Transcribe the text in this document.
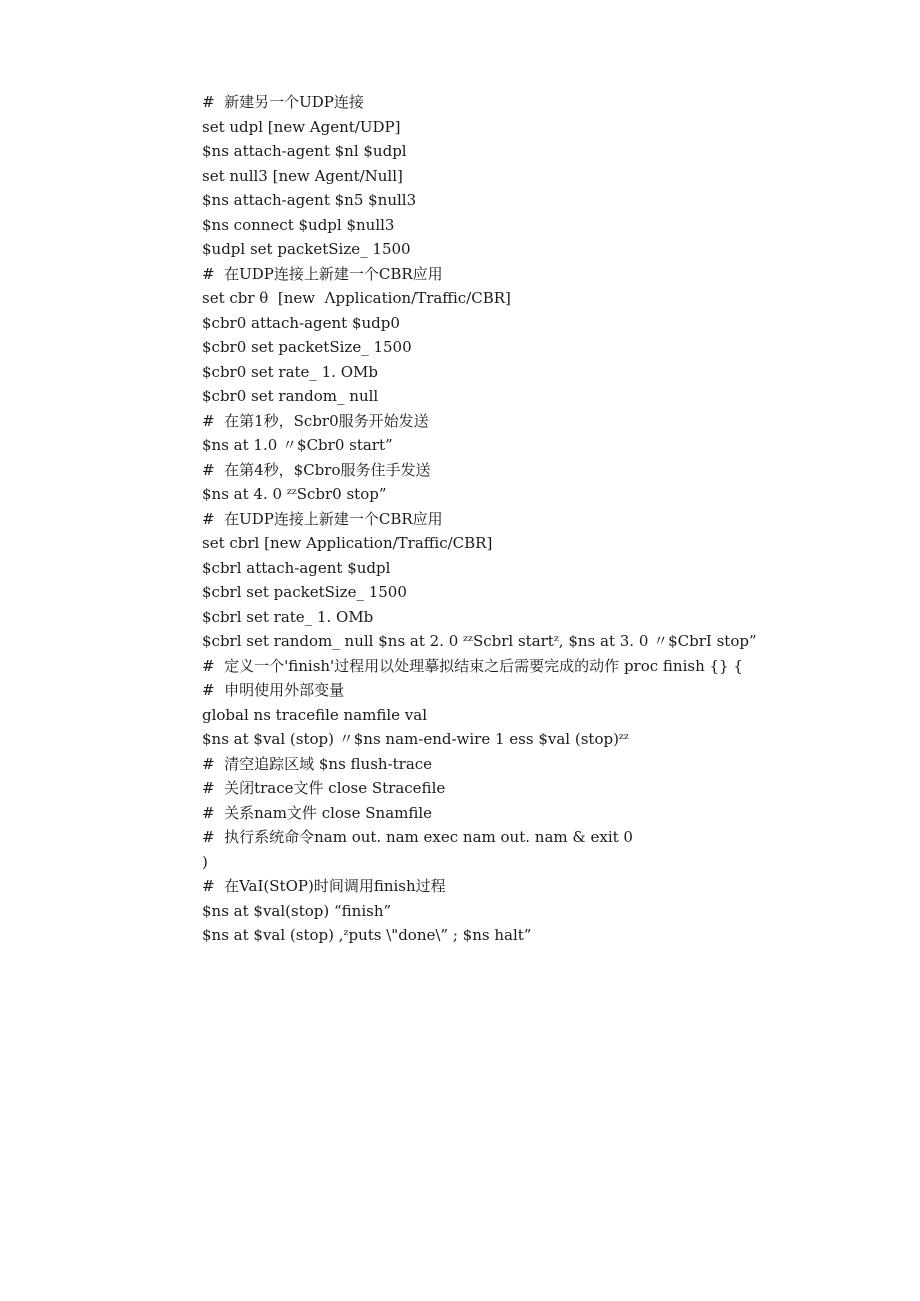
#  新建另一个UDP连接
set udpl [new Agent/UDP]
$ns attach-agent $nl $udpl
set null3 [new Agent/Null]
$ns attach-agent $n5 $null3
$ns connect $udpl $null3
$udpl set packetSize_ 1500
#  在UDP连接上新建一个CBR应用
set cbr θ  [new  Λpplication/Traffic/CBR]
$cbr0 attach-agent $udp0
$cbr0 set packetSize_ 1500
$cbr0 set rate_ 1. OMb
$cbr0 set random_ null
#  在第1秒，Scbr0服务开始发送
$ns at 1.0 〃$Cbr0 start”
#  在第4秒，$Cbro服务住手发送
$ns at 4. 0 ᶻᶻScbr0 stop”
#  在UDP连接上新建一个CBR应用
set cbrl [new Application/Traffic/CBR]
$cbrl attach-agent $udpl
$cbrl set packetSize_ 1500
$cbrl set rate_ 1. OMb
$cbrl set random_ null $ns at 2. 0 ᶻᶻScbrl startᶻ, $ns at 3. 0 〃$CbrI stop”
#  定义一个'finish'过程用以处理摹拟结束之后需要完成的动作 proc finish {} {
#  申明使用外部变量
global ns tracefile namfile val
$ns at $val (stop) 〃$ns nam-end-wire 1 ess $val (stop)ᶻᶻ
#  清空追踪区域 $ns flush-trace
#  关闭trace文件 close Stracefile
#  关系nam文件 close Snamfile
#  执行系统命令nam out. nam exec nam out. nam & exit 0
)
#  在VaI(StOP)时间调用finish过程
$ns at $val(stop) “finish”
$ns at $val (stop) ,ᶻputs \"done\” ; $ns halt”
